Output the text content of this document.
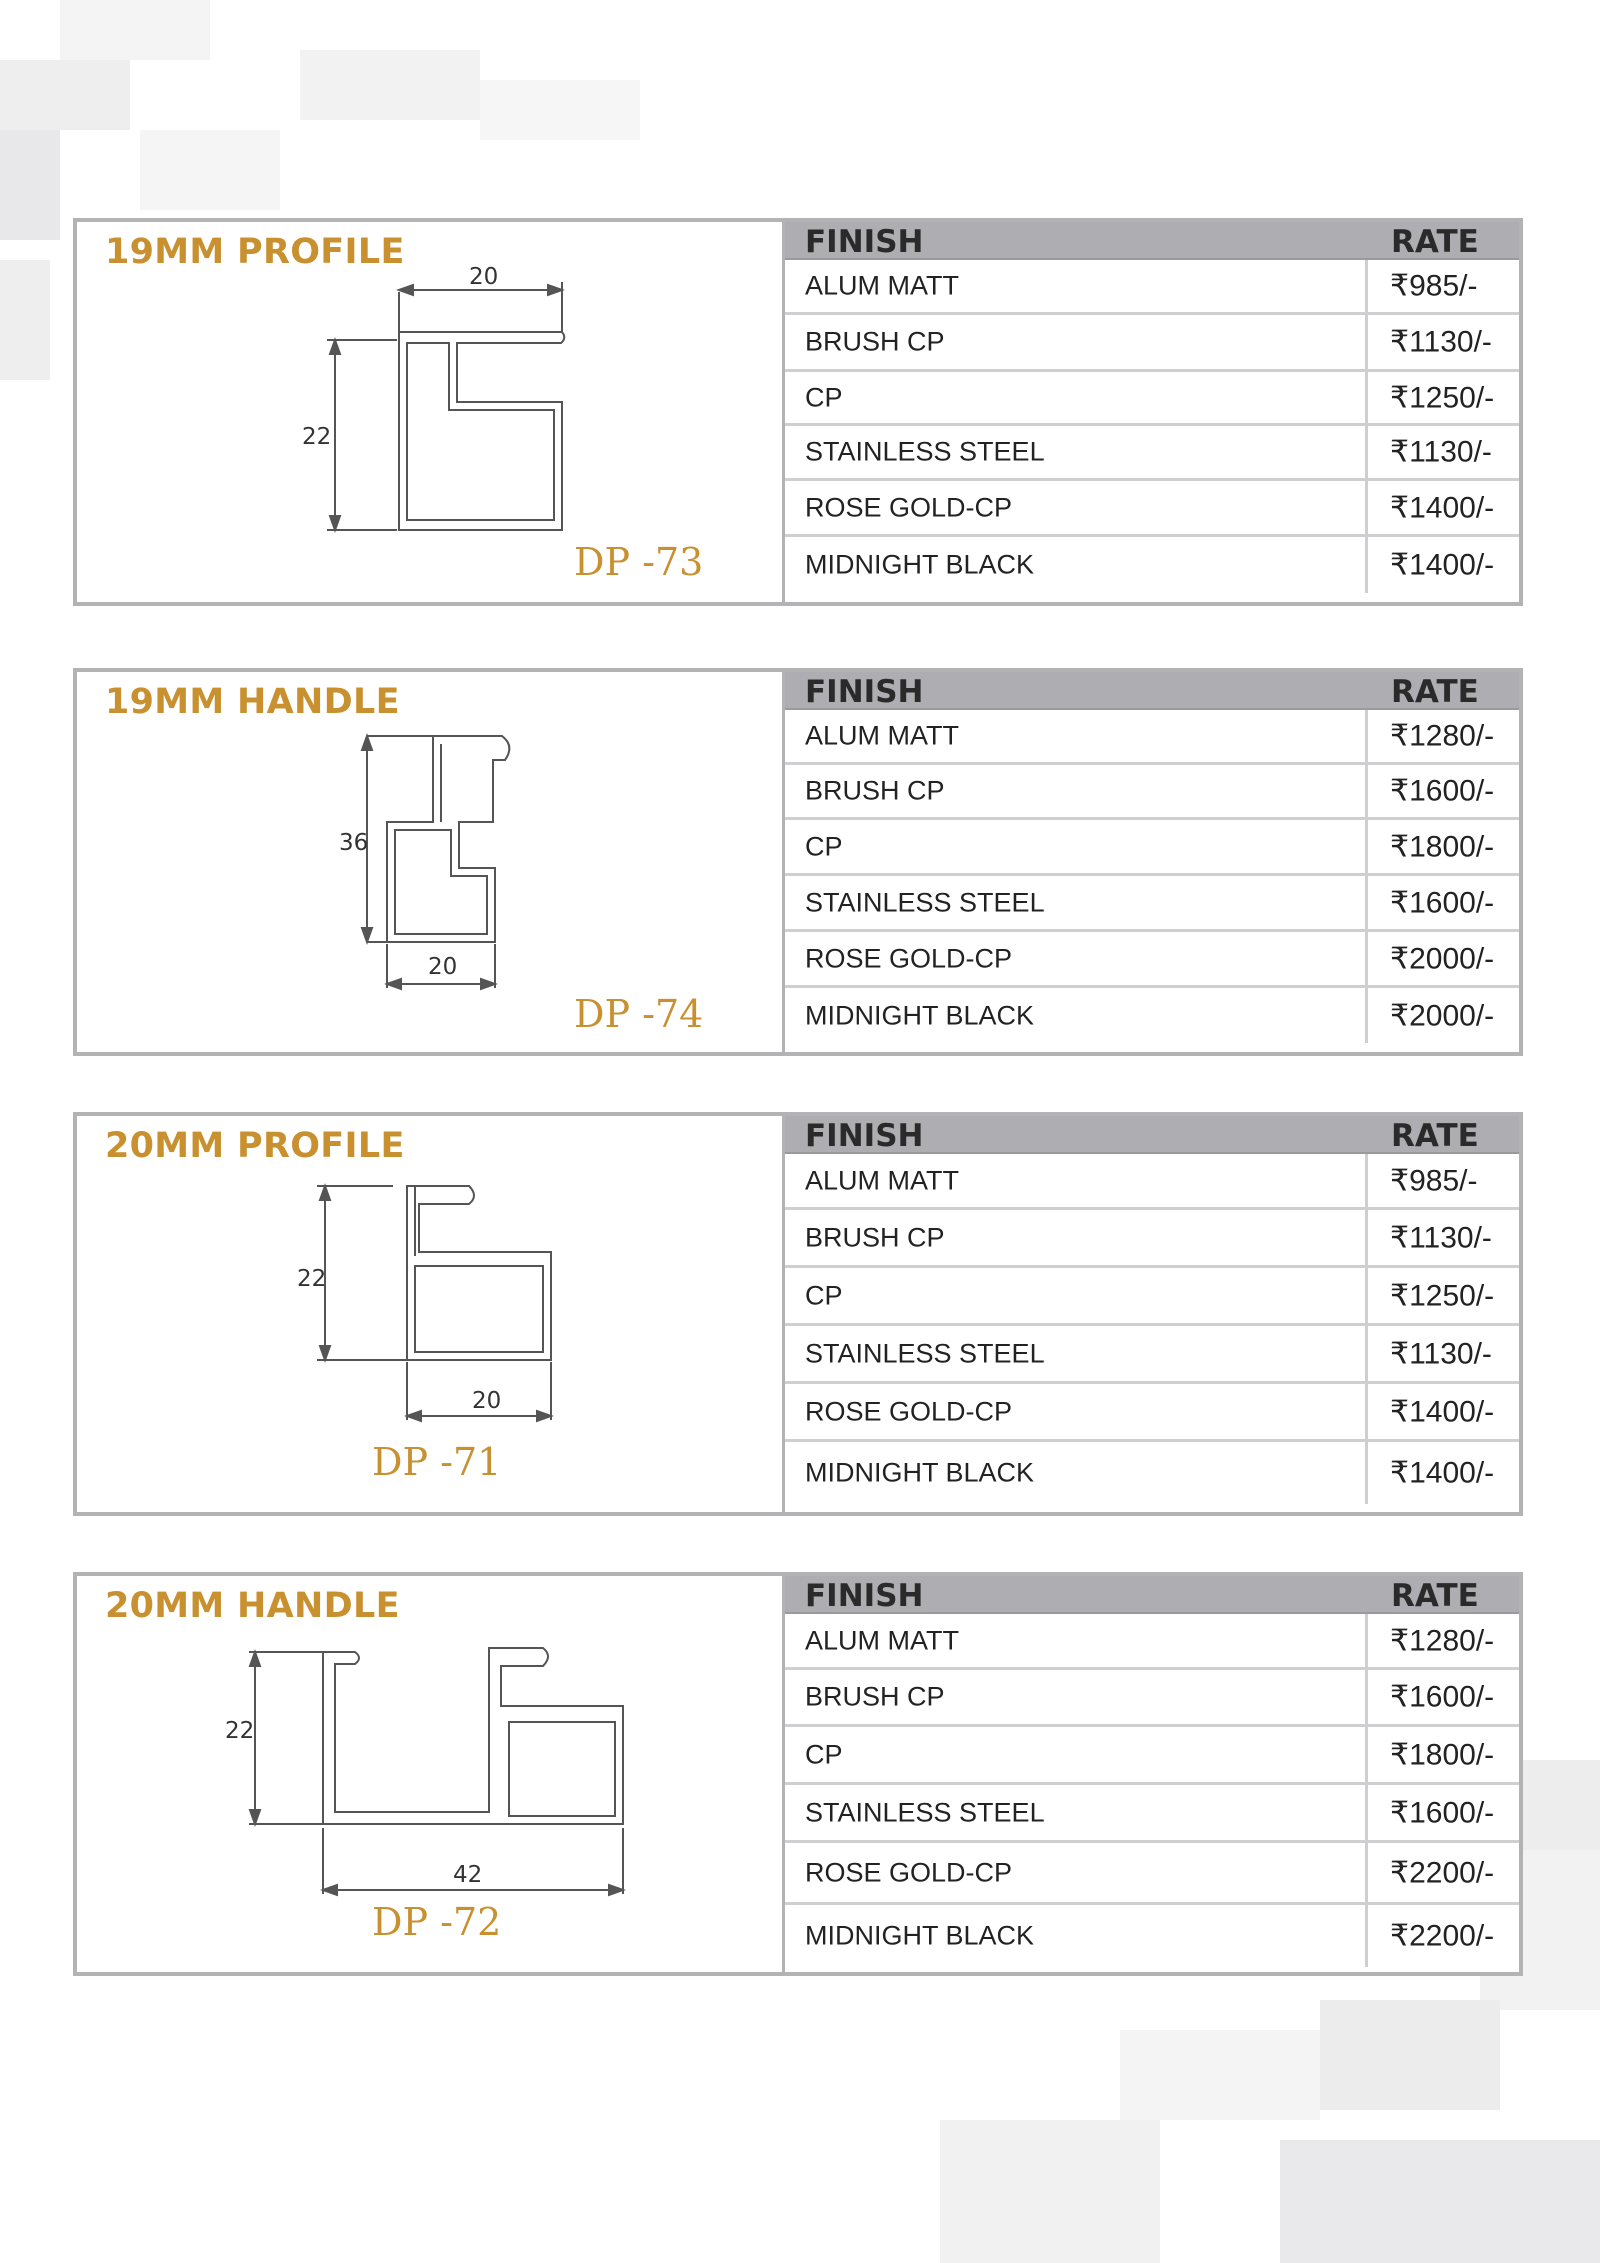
19MM PROFILE
20
22
DP -73
FINISH	RATE
ALUM MATT	₹985/-
BRUSH CP	₹1130/-
CP	₹1250/-
STAINLESS STEEL	₹1130/-
ROSE GOLD-CP	₹1400/-
MIDNIGHT BLACK	₹1400/-
19MM HANDLE
36
20
DP -74
FINISH	RATE
ALUM MATT	₹1280/-
BRUSH CP	₹1600/-
CP	₹1800/-
STAINLESS STEEL	₹1600/-
ROSE GOLD-CP	₹2000/-
MIDNIGHT BLACK	₹2000/-
20MM PROFILE
22
20
DP -71
FINISH	RATE
ALUM MATT	₹985/-
BRUSH CP	₹1130/-
CP	₹1250/-
STAINLESS STEEL	₹1130/-
ROSE GOLD-CP	₹1400/-
MIDNIGHT BLACK	₹1400/-
20MM HANDLE
22
42
DP -72
FINISH	RATE
ALUM MATT	₹1280/-
BRUSH CP	₹1600/-
CP	₹1800/-
STAINLESS STEEL	₹1600/-
ROSE GOLD-CP	₹2200/-
MIDNIGHT BLACK	₹2200/-
